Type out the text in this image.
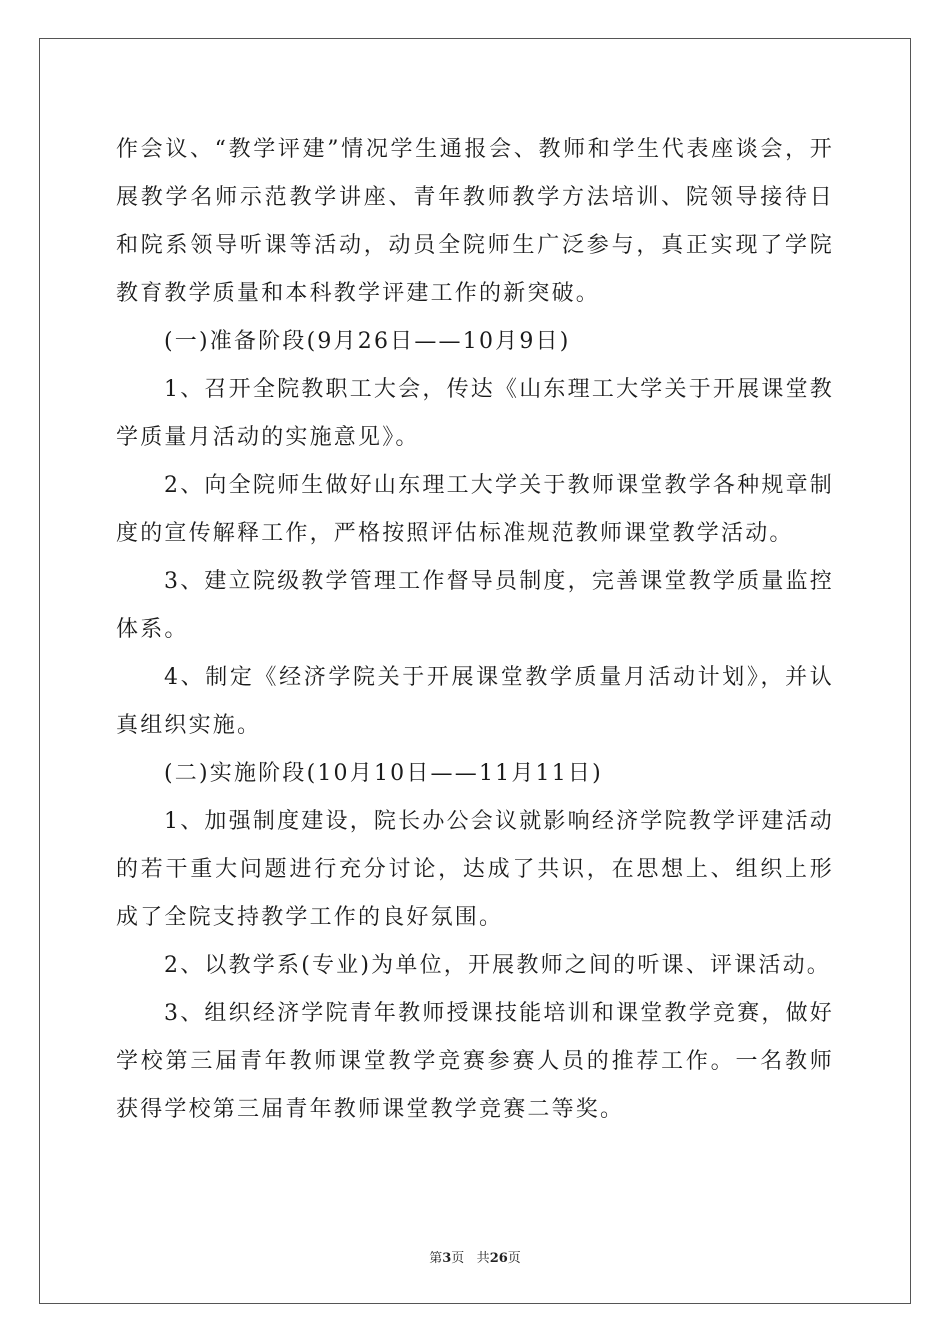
作会议、“教学评建”情况学生通报会、教师和学生代表座谈会，开展教学名师示范教学讲座、青年教师教学方法培训、院领导接待日和院系领导听课等活动，动员全院师生广泛参与，真正实现了学院教育教学质量和本科教学评建工作的新突破。

(一)准备阶段(9月26日——10月9日)

1、召开全院教职工大会，传达《山东理工大学关于开展课堂教学质量月活动的实施意见》。

2、向全院师生做好山东理工大学关于教师课堂教学各种规章制度的宣传解释工作，严格按照评估标准规范教师课堂教学活动。

3、建立院级教学管理工作督导员制度，完善课堂教学质量监控体系。

4、制定《经济学院关于开展课堂教学质量月活动计划》，并认真组织实施。

(二)实施阶段(10月10日——11月11日)

1、加强制度建设，院长办公会议就影响经济学院教学评建活动的若干重大问题进行充分讨论，达成了共识，在思想上、组织上形成了全院支持教学工作的良好氛围。

2、以教学系(专业)为单位，开展教师之间的听课、评课活动。

3、组织经济学院青年教师授课技能培训和课堂教学竞赛，做好学校第三届青年教师课堂教学竞赛参赛人员的推荐工作。一名教师获得学校第三届青年教师课堂教学竞赛二等奖。

第3页 共26页
